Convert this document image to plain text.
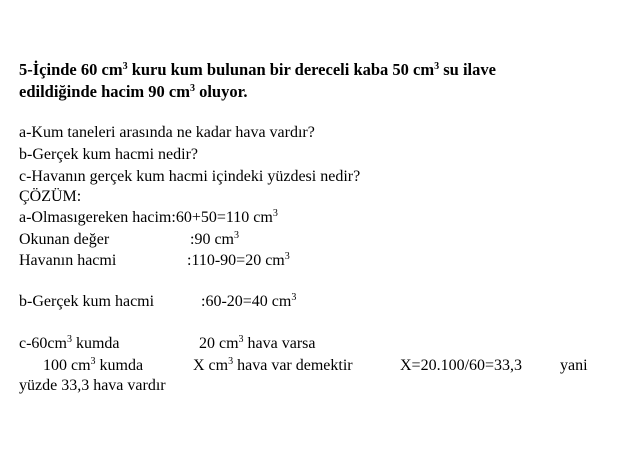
5-İçinde 60 $cm^3$ kuru kum bulunan bir dereceli kaba 50 $cm^3$ su ilave
edildiğinde hacim 90 $cm^3$ oluyor.
a-Kum taneleri arasında ne kadar hava vardır?
b-Gerçek kum hacmi nedir?
c-Havanın gerçek kum hacmi içindeki yüzdesi nedir?
ÇÖZÜM:
a-Olmasıgereken hacim:60+50=110 $cm^3$
Okunan değer	:90 $cm^3$
Havanın hacmi	:110-90=20 $cm^3$
b-Gerçek kum hacmi	:60-20=40 $cm^3$
$c-60cm^3$ kumda	20 $cm^3$ hava varsa
100 $cm^3$ kumda	X $cm^3$ hava var demektir	X=20.100/60=33,3 yani
yüzde 33,3 hava vardır
